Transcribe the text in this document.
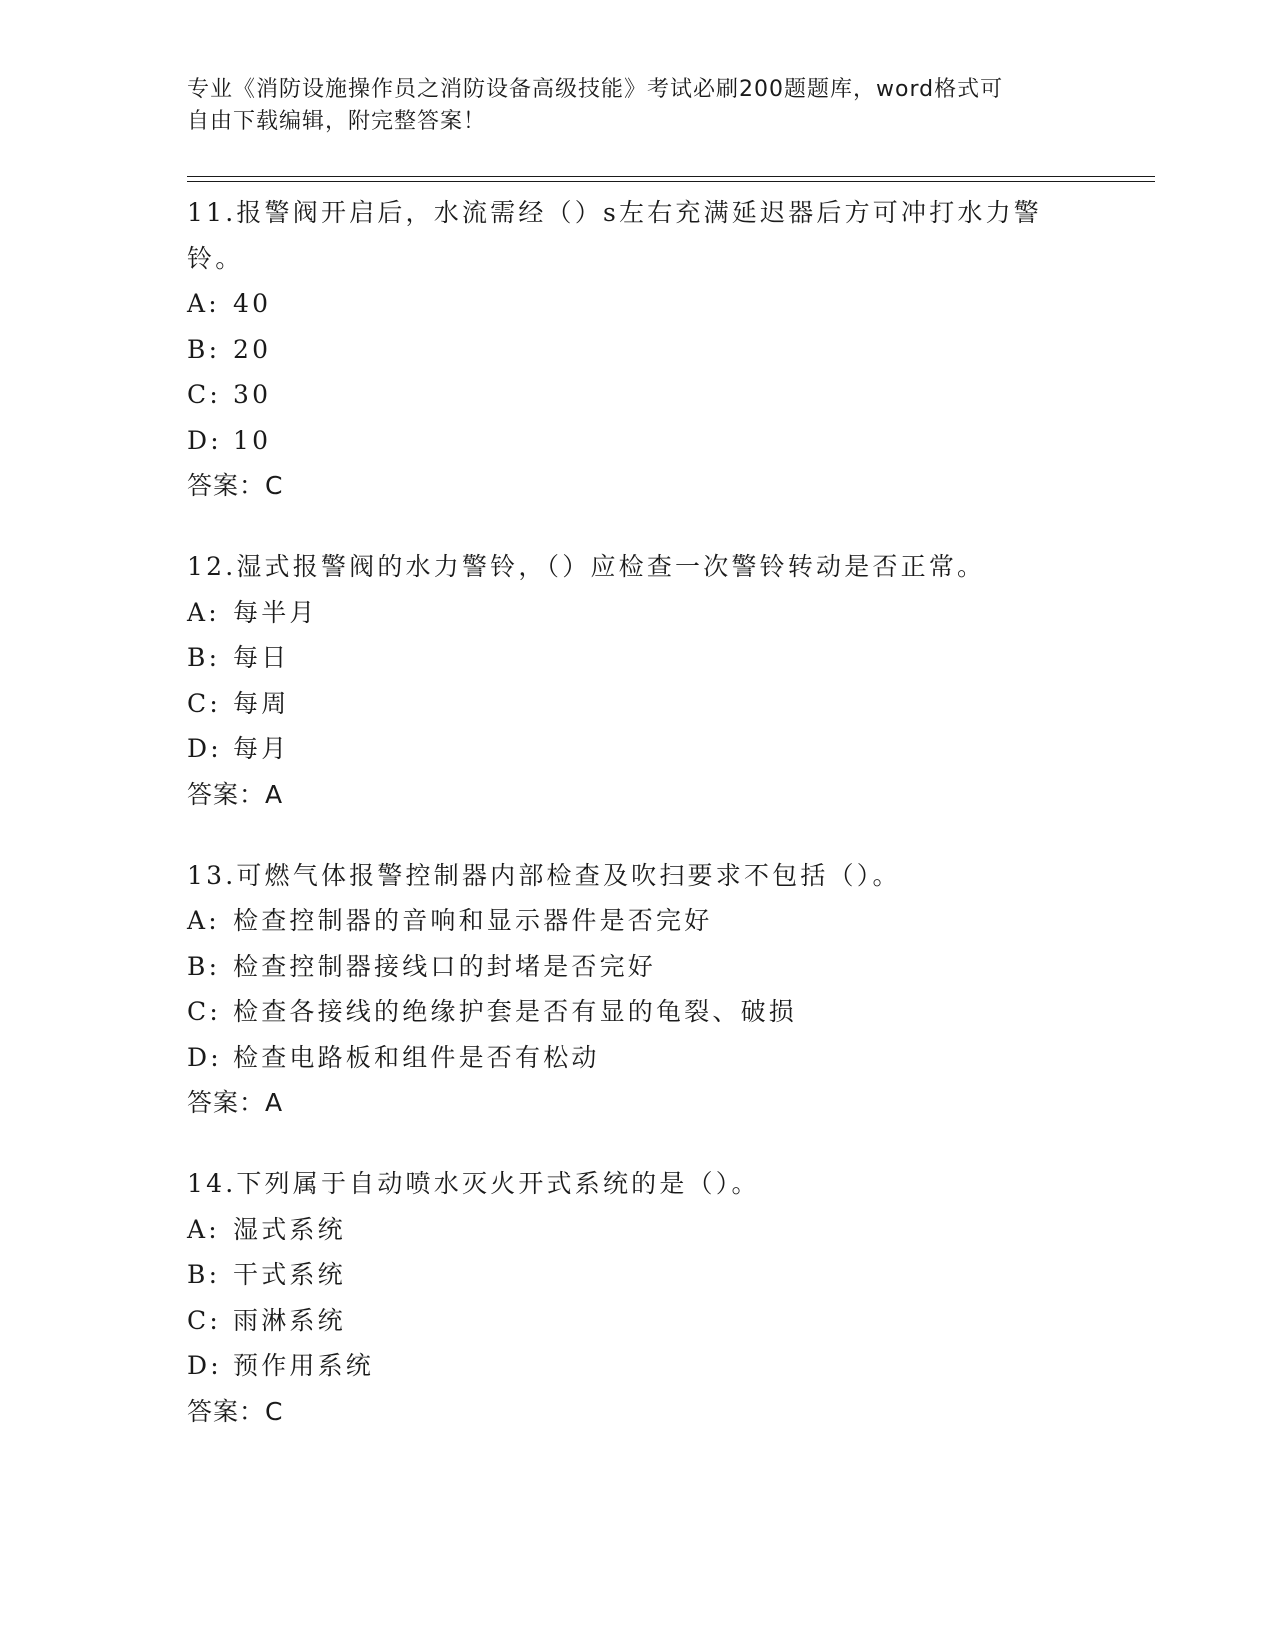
专业《消防设施操作员之消防设备高级技能》考试必刷200题题库，word格式可
自由下载编辑，附完整答案！

11.报警阀开启后，水流需经（）s左右充满延迟器后方可冲打水力警铃。

A: 40

B: 20

C: 30

D: 10

答案：C

12.湿式报警阀的水力警铃，（）应检查一次警铃转动是否正常。

A: 每半月

B: 每日

C: 每周

D: 每月

答案：A

13.可燃气体报警控制器内部检查及吹扫要求不包括（）。

A: 检查控制器的音响和显示器件是否完好

B: 检查控制器接线口的封堵是否完好

C: 检查各接线的绝缘护套是否有显的龟裂、破损

D: 检查电路板和组件是否有松动

答案：A

14.下列属于自动喷水灭火开式系统的是（）。

A: 湿式系统

B: 干式系统

C: 雨淋系统

D: 预作用系统

答案：C
